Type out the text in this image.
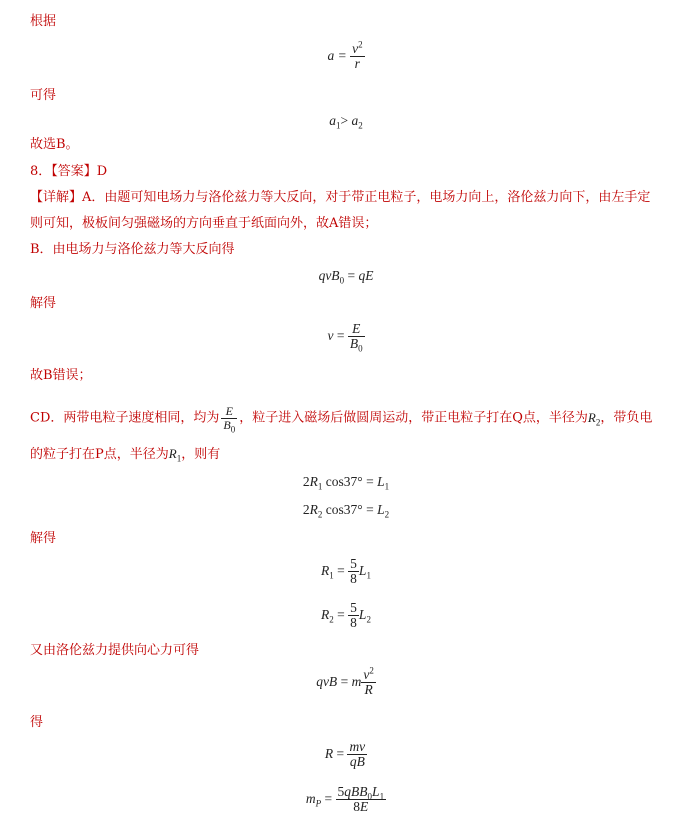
根据
$a = \frac{v^2}{r}$
可得
$a_1> a_2$
故选B。
8．【答案】D
【详解】A．由题可知电场力与洛伦兹力等大反向，对于带正电粒子，电场力向上，洛伦兹力向下，由左手定
则可知，极板间匀强磁场的方向垂直于纸面向外，故A错误；
B．由电场力与洛伦兹力等大反向得
qvB$_0$ = qE
解得
$v = \frac{E}{B_0}$
故B错误；
CD．两带电粒子速度相同，均为 $\frac{E}{B_0}$ ，粒子进入磁场后做圆周运动，带正电粒子打在Q点，半径为$R_2$，带负电
的粒子打在P点，半径为$R_1$，则有
$2R_1$ $\cos 37^\circ = L_1$
$2R_2$ $\cos 37^\circ = L_2$
解得
$R_1 = \frac{5}{8} L_1$
$R_2 = \frac{5}{8} L_2$
又由洛伦兹力提供向心力可得
qvB = m $\frac{v^2}{R}$
得
$R = \frac{mv}{qB}$
$m_P = \frac{5qBB_0L_1}{8E}$
